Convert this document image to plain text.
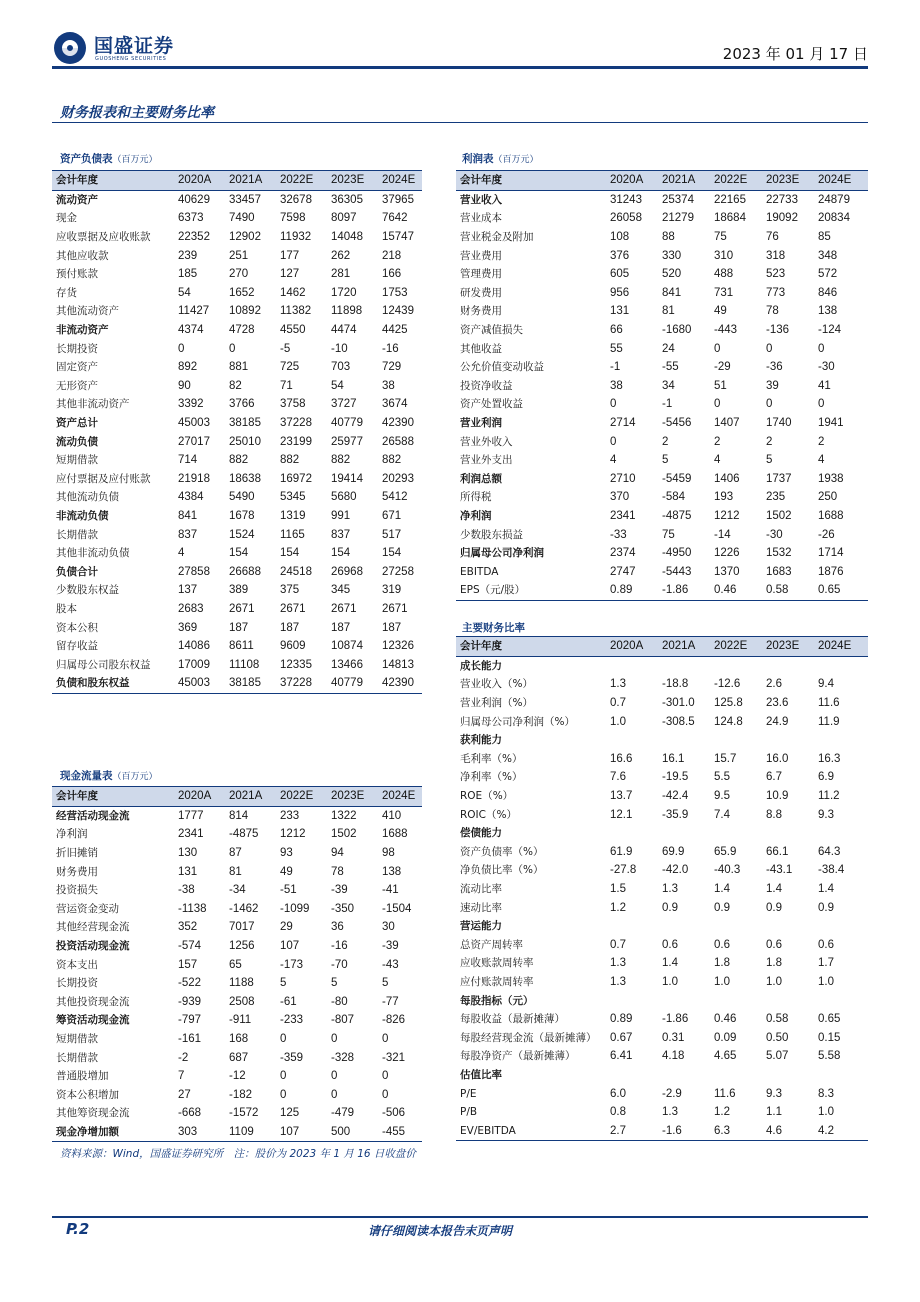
国盛证券
GUOSHENG SECURITIES	2023 年 01 月 17 日
财务报表和主要财务比率
资产负债表（百万元）
会计年度	2020A	2021A	2022E	2023E	2024E	
流动资产	40629	33457	32678	36305	37965	
现金	6373	7490	7598	8097	7642	
应收票据及应收账款	22352	12902	11932	14048	15747	
其他应收款	239	251	177	262	218	
预付账款	185	270	127	281	166	
存货	54	1652	1462	1720	1753	
其他流动资产	11427	10892	11382	11898	12439	
非流动资产	4374	4728	4550	4474	4425	
长期投资	0	0	-5	-10	-16	
固定资产	892	881	725	703	729	
无形资产	90	82	71	54	38	
其他非流动资产	3392	3766	3758	3727	3674	
资产总计	45003	38185	37228	40779	42390	
流动负债	27017	25010	23199	25977	26588	
短期借款	714	882	882	882	882	
应付票据及应付账款	21918	18638	16972	19414	20293	
其他流动负债	4384	5490	5345	5680	5412	
非流动负债	841	1678	1319	991	671	
长期借款	837	1524	1165	837	517	
其他非流动负债	4	154	154	154	154	
负债合计	27858	26688	24518	26968	27258	
少数股东权益	137	389	375	345	319	
股本	2683	2671	2671	2671	2671	
资本公积	369	187	187	187	187	
留存收益	14086	8611	9609	10874	12326	
归属母公司股东权益	17009	11108	12335	13466	14813	
负债和股东权益	45003	38185	37228	40779	42390	
现金流量表（百万元）
会计年度	2020A	2021A	2022E	2023E	2024E	
经营活动现金流	1777	814	233	1322	410	
净利润	2341	-4875	1212	1502	1688	
折旧摊销	130	87	93	94	98	
财务费用	131	81	49	78	138	
投资损失	-38	-34	-51	-39	-41	
营运资金变动	-1138	-1462	-1099	-350	-1504	
其他经营现金流	352	7017	29	36	30	
投资活动现金流	-574	1256	107	-16	-39	
资本支出	157	65	-173	-70	-43	
长期投资	-522	1188	5	5	5	
其他投资现金流	-939	2508	-61	-80	-77	
筹资活动现金流	-797	-911	-233	-807	-826	
短期借款	-161	168	0	0	0	
长期借款	-2	687	-359	-328	-321	
普通股增加	7	-12	0	0	0	
资本公积增加	27	-182	0	0	0	
其他筹资现金流	-668	-1572	125	-479	-506	
现金净增加额	303	1109	107	500	-455	
利润表（百万元）
会计年度	2020A	2021A	2022E	2023E	2024E	
营业收入	31243	25374	22165	22733	24879	
营业成本	26058	21279	18684	19092	20834	
营业税金及附加	108	88	75	76	85	
营业费用	376	330	310	318	348	
管理费用	605	520	488	523	572	
研发费用	956	841	731	773	846	
财务费用	131	81	49	78	138	
资产减值损失	66	-1680	-443	-136	-124	
其他收益	55	24	0	0	0	
公允价值变动收益	-1	-55	-29	-36	-30	
投资净收益	38	34	51	39	41	
资产处置收益	0	-1	0	0	0	
营业利润	2714	-5456	1407	1740	1941	
营业外收入	0	2	2	2	2	
营业外支出	4	5	4	5	4	
利润总额	2710	-5459	1406	1737	1938	
所得税	370	-584	193	235	250	
净利润	2341	-4875	1212	1502	1688	
少数股东损益	-33	75	-14	-30	-26	
归属母公司净利润	2374	-4950	1226	1532	1714	
EBITDA	2747	-5443	1370	1683	1876	
EPS（元/股）	0.89	-1.86	0.46	0.58	0.65	
主要财务比率
会计年度	2020A	2021A	2022E	2023E	2024E	
成长能力						
营业收入（%）	1.3	-18.8	-12.6	2.6	9.4	
营业利润（%）	0.7	-301.0	125.8	23.6	11.6	
归属母公司净利润（%）	1.0	-308.5	124.8	24.9	11.9	
获利能力						
毛利率（%）	16.6	16.1	15.7	16.0	16.3	
净利率（%）	7.6	-19.5	5.5	6.7	6.9	
ROE（%）	13.7	-42.4	9.5	10.9	11.2	
ROIC（%）	12.1	-35.9	7.4	8.8	9.3	
偿债能力						
资产负债率（%）	61.9	69.9	65.9	66.1	64.3	
净负债比率（%）	-27.8	-42.0	-40.3	-43.1	-38.4	
流动比率	1.5	1.3	1.4	1.4	1.4	
速动比率	1.2	0.9	0.9	0.9	0.9	
营运能力						
总资产周转率	0.7	0.6	0.6	0.6	0.6	
应收账款周转率	1.3	1.4	1.8	1.8	1.7	
应付账款周转率	1.3	1.0	1.0	1.0	1.0	
每股指标（元）						
每股收益（最新摊薄）	0.89	-1.86	0.46	0.58	0.65	
每股经营现金流（最新摊薄）	0.67	0.31	0.09	0.50	0.15	
每股净资产（最新摊薄）	6.41	4.18	4.65	5.07	5.58	
估值比率						
P/E	6.0	-2.9	11.6	9.3	8.3	
P/B	0.8	1.3	1.2	1.1	1.0	
EV/EBITDA	2.7	-1.6	6.3	4.6	4.2	
资料来源：Wind，国盛证券研究所　注：股价为 2023 年 1 月 16 日收盘价
P.2	请仔细阅读本报告末页声明
